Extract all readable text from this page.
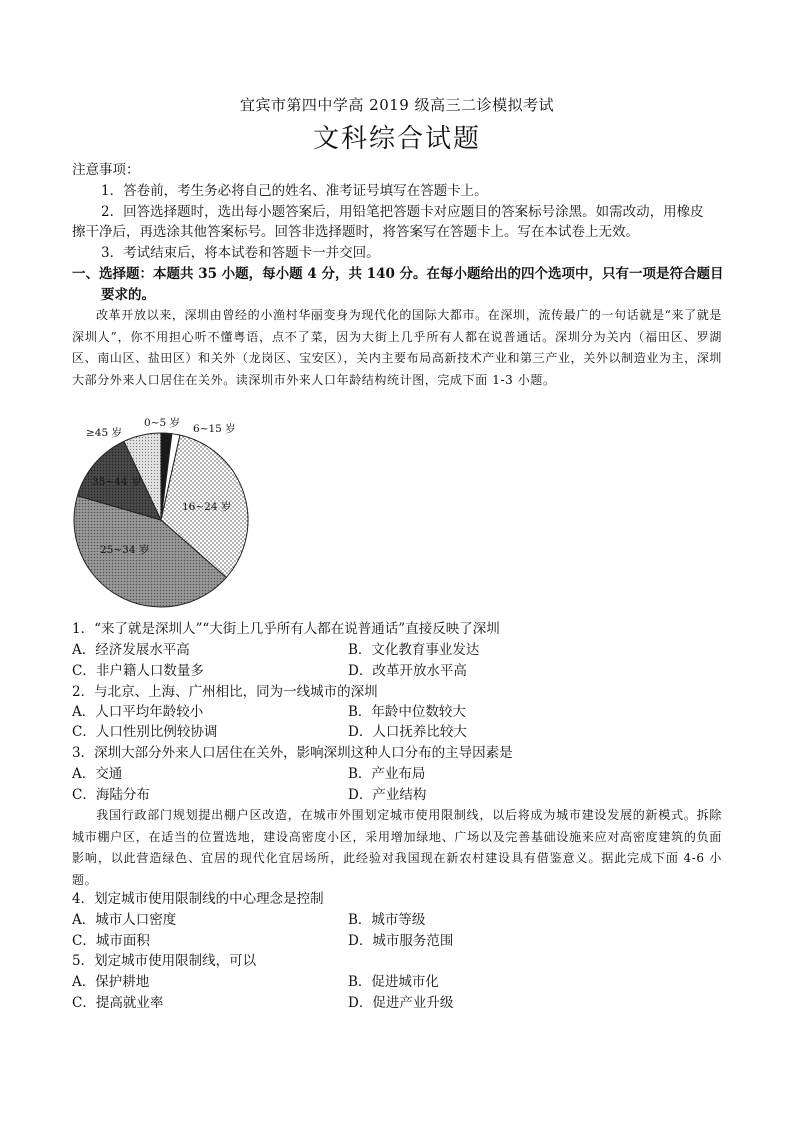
宜宾市第四中学高 2019 级高三二诊模拟考试
文科综合试题
注意事项：
1．答卷前，考生务必将自己的姓名、准考证号填写在答题卡上。
2．回答选择题时，选出每小题答案后，用铅笔把答题卡对应题目的答案标号涂黑。如需改动，用橡皮
擦干净后，再选涂其他答案标号。回答非选择题时，将答案写在答题卡上。写在本试卷上无效。
3．考试结束后，将本试卷和答题卡一并交回。
一、选择题：本题共 35 小题，每小题 4 分，共 140 分。在每小题给出的四个选项中，只有一项是符合题目
要求的。
改革开放以来，深圳由曾经的小渔村华丽变身为现代化的国际大都市。在深圳，流传最广的一句话就是“来了就是深圳人”，你不用担心听不懂粤语，点不了菜，因为大街上几乎所有人都在说普通话。深圳分为关内（福田区、罗湖区、南山区、盐田区）和关外（龙岗区、宝安区），关内主要布局高新技术产业和第三产业，关外以制造业为主，深圳大部分外来人口居住在关外。读深圳市外来人口年龄结构统计图，完成下面 1-3 小题。
0~5 岁 6~15 岁
16~24 岁
25~34 岁
35~44 岁
≥45 岁
1．“来了就是深圳人”“大街上几乎所有人都在说普通话”直接反映了深圳
A．经济发展水平高	B．文化教育事业发达
C．非户籍人口数量多	D．改革开放水平高
2．与北京、上海、广州相比，同为一线城市的深圳
A．人口平均年龄较小	B．年龄中位数较大
C．人口性别比例较协调	D．人口抚养比较大
3．深圳大部分外来人口居住在关外，影响深圳这种人口分布的主导因素是
A．交通	B．产业布局
C．海陆分布	D．产业结构
我国行政部门规划提出棚户区改造，在城市外围划定城市使用限制线，以后将成为城市建设发展的新模式。拆除城市棚户区，在适当的位置选地，建设高密度小区，采用增加绿地、广场以及完善基础设施来应对高密度建筑的负面影响，以此营造绿色、宜居的现代化宜居场所，此经验对我国现在新农村建设具有借鉴意义。据此完成下面 4-6 小题。
4．划定城市使用限制线的中心理念是控制
A．城市人口密度	B．城市等级
C．城市面积	D．城市服务范围
5．划定城市使用限制线，可以
A．保护耕地	B．促进城市化
C．提高就业率	D．促进产业升级
